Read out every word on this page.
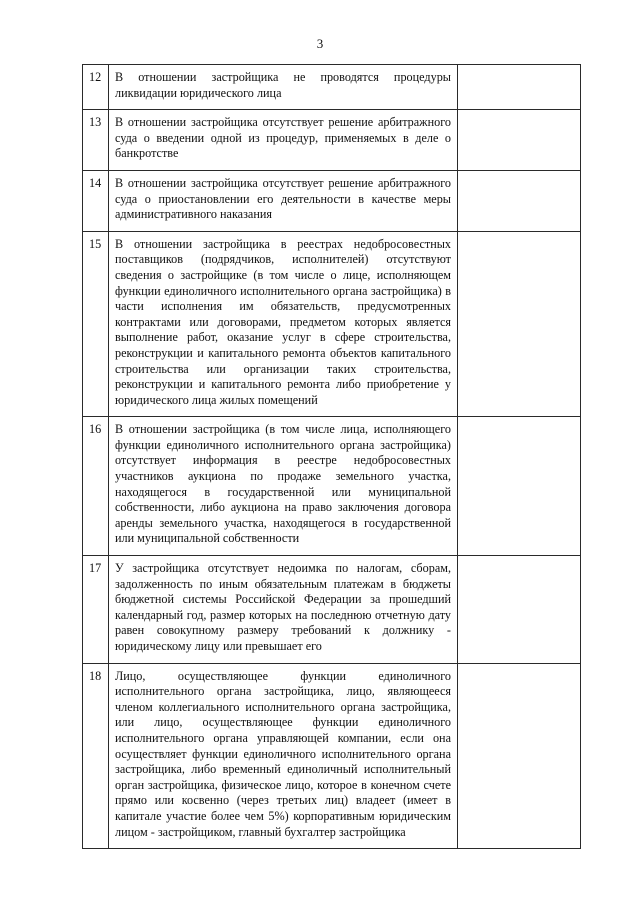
3
12	В отношении застройщика не проводятся процедуры ликвидации юридического лица	
13	В отношении застройщика отсутствует решение арбитражного суда о введении одной из процедур, применяемых в деле о банкротстве	
14	В отношении застройщика отсутствует решение арбитражного суда о приостановлении его деятельности в качестве меры административного наказания	
15	В отношении застройщика в реестрах недобросовестных поставщиков (подрядчиков, исполнителей) отсутствуют сведения о застройщике (в том числе о лице, исполняющем функции единоличного исполнительного органа застройщика) в части исполнения им обязательств, предусмотренных контрактами или договорами, предметом которых является выполнение работ, оказание услуг в сфере строительства, реконструкции и капитального ремонта объектов капитального строительства или организации таких строительства, реконструкции и капитального ремонта либо приобретение у юридического лица жилых помещений	
16	В отношении застройщика (в том числе лица, исполняющего функции единоличного исполнительного органа застройщика) отсутствует информация в реестре недобросовестных участников аукциона по продаже земельного участка, находящегося в государственной или муниципальной собственности, либо аукциона на право заключения договора аренды земельного участка, находящегося в государственной или муниципальной собственности	
17	У застройщика отсутствует недоимка по налогам, сборам, задолженность по иным обязательным платежам в бюджеты бюджетной системы Российской Федерации за прошедший календарный год, размер которых на последнюю отчетную дату равен совокупному размеру требований к должнику - юридическому лицу или превышает его	
18	Лицо, осуществляющее функции единоличного исполнительного органа застройщика, лицо, являющееся членом коллегиального исполнительного органа застройщика, или лицо, осуществляющее функции единоличного исполнительного органа управляющей компании, если она осуществляет функции единоличного исполнительного органа застройщика, либо временный единоличный исполнительный орган застройщика, физическое лицо, которое в конечном счете прямо или косвенно (через третьих лиц) владеет (имеет в капитале участие более чем 5%) корпоративным юридическим лицом - застройщиком, главный бухгалтер застройщика	
